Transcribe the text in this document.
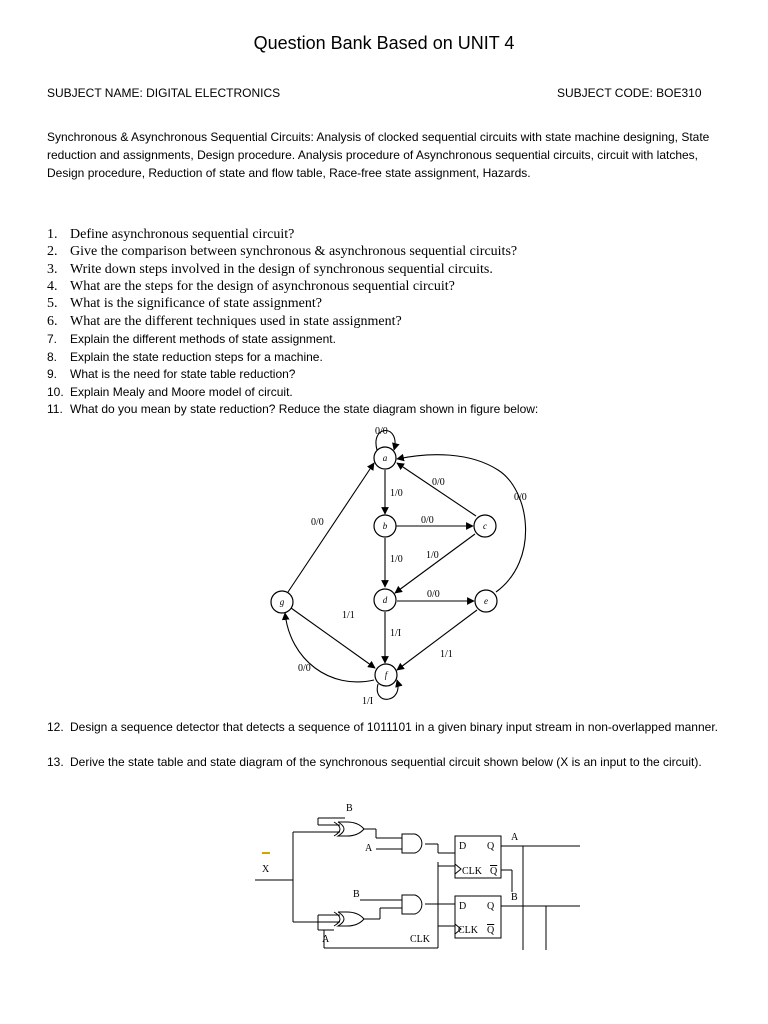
Question Bank Based on UNIT 4
SUBJECT NAME: DIGITAL ELECTRONICS	SUBJECT CODE: BOE310
Synchronous & Asynchronous Sequential Circuits: Analysis of clocked sequential circuits with state machine designing, State reduction and assignments, Design procedure. Analysis procedure of Asynchronous sequential circuits, circuit with latches, Design procedure, Reduction of state and flow table, Race-free state assignment, Hazards.
1. Define asynchronous sequential circuit?
2. Give the comparison between synchronous & asynchronous sequential circuits?
3. Write down steps involved in the design of synchronous sequential circuits.
4. What are the steps for the design of asynchronous sequential circuit?
5. What is the significance of state assignment?
6. What are the different techniques used in state assignment?
7.	Explain the different methods of state assignment.
8.	Explain the state reduction steps for a machine.
9.	What is the need for state table reduction?
10. Explain Mealy and Moore model of circuit.
11. What do you mean by state reduction? Reduce the state diagram shown in figure below:
a
b	c
d	e
f
g
0/0
1/0
0/0
0/0
0/0
1/0 1/0
0/0
0/0
1/I
1/1
0/0
1/1
1/I
12. Design a sequence detector that detects a sequence of 1011101 in a given binary input stream in non-overlapped manner.
13. Derive the state table and state diagram of the synchronous sequential circuit shown below (X is an input to the circuit).
B
A
X
B
A	CLK
D Q
CLK Q
D Q
CLK Q
A
B
